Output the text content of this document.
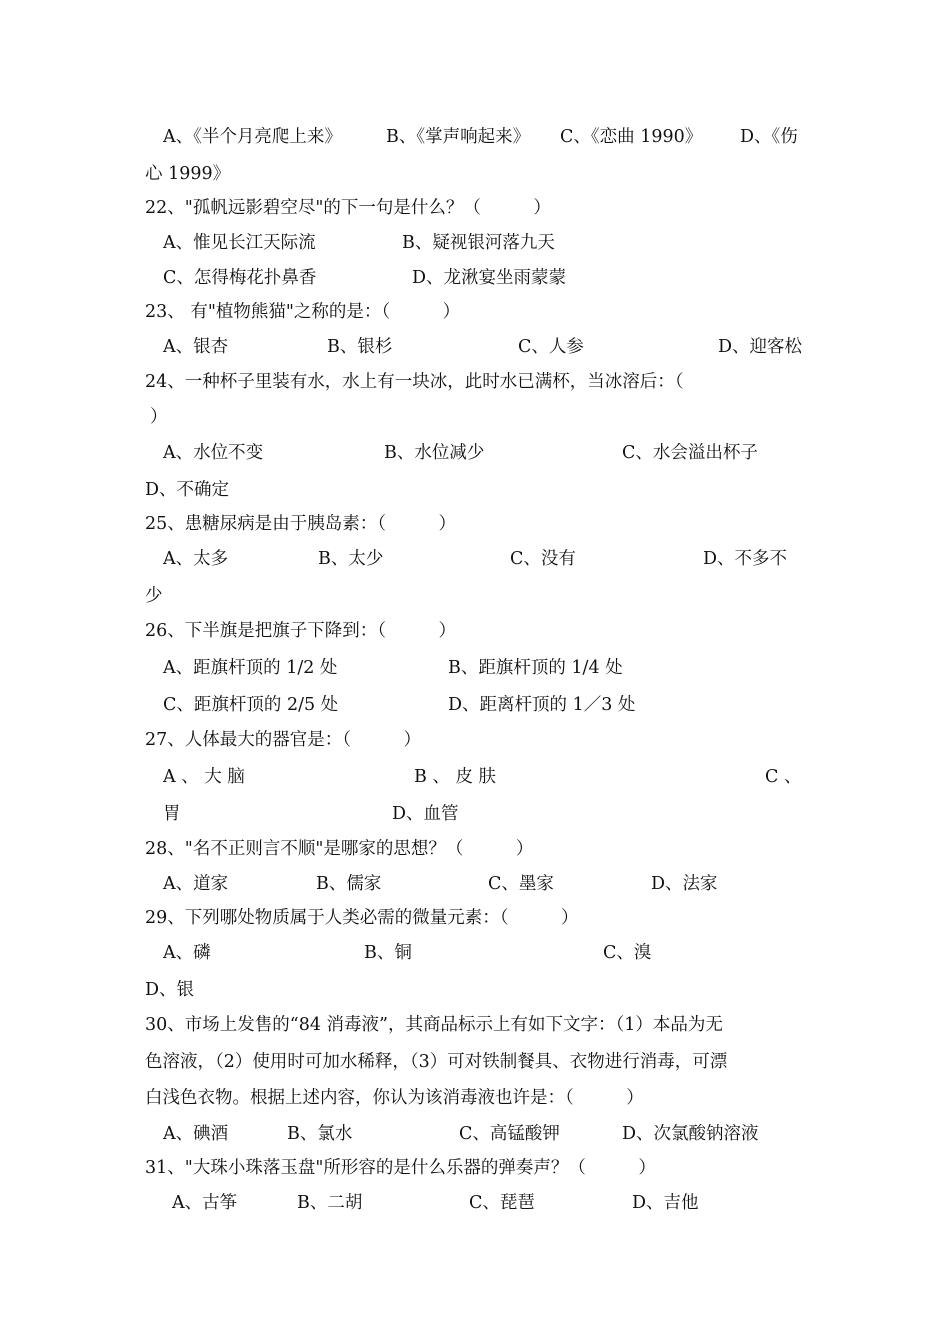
A、《半个月亮爬上来》	B、《掌声响起来》 C、《恋曲 1990》 D、《伤
心 1999》
22、"孤帆远影碧空尽"的下一句是什么？（　　　）
A、惟见长江天际流	B、疑视银河落九天
C、怎得梅花扑鼻香	D、龙湫宴坐雨蒙蒙
23、 有"植物熊猫"之称的是：（　　　）
A、银杏	B、银杉	C、人参	D、迎客松
24、一种杯子里装有水，水上有一块冰，此时水已满杯，当冰溶后：（
）
A、水位不变	B、水位减少	C、水会溢出杯子
D、不确定
25、患糖尿病是由于胰岛素：（　　　）
A、太多	B、太少	C、没有	D、不多不
少
26、下半旗是把旗子下降到：（　　　）
A、距旗杆顶的 1/2 处	B、距旗杆顶的 1/4 处
C、距旗杆顶的 2/5 处	D、距离杆顶的 1／3 处
27、人体最大的器官是：（　　　）
A 、 大 脑	B 、 皮 肤	C 、
胃	D、血管
28、"名不正则言不顺"是哪家的思想？（　　　）
A、道家	B、儒家	C、墨家	D、法家
29、下列哪处物质属于人类必需的微量元素：（　　　）
A、磷	B、铜	C、溴
D、银
30、市场上发售的“84 消毒液”，其商品标示上有如下文字：（1）本品为无
色溶液，（2）使用时可加水稀释，（3）可对铁制餐具、衣物进行消毒，可漂
白浅色衣物。根据上述内容，你认为该消毒液也许是：（　　　）
A、碘酒	B、氯水	C、高锰酸钾	D、次氯酸钠溶液
31、"大珠小珠落玉盘"所形容的是什么乐器的弹奏声？（　　　）
A、古筝	B、二胡	C、琵琶	D、吉他
